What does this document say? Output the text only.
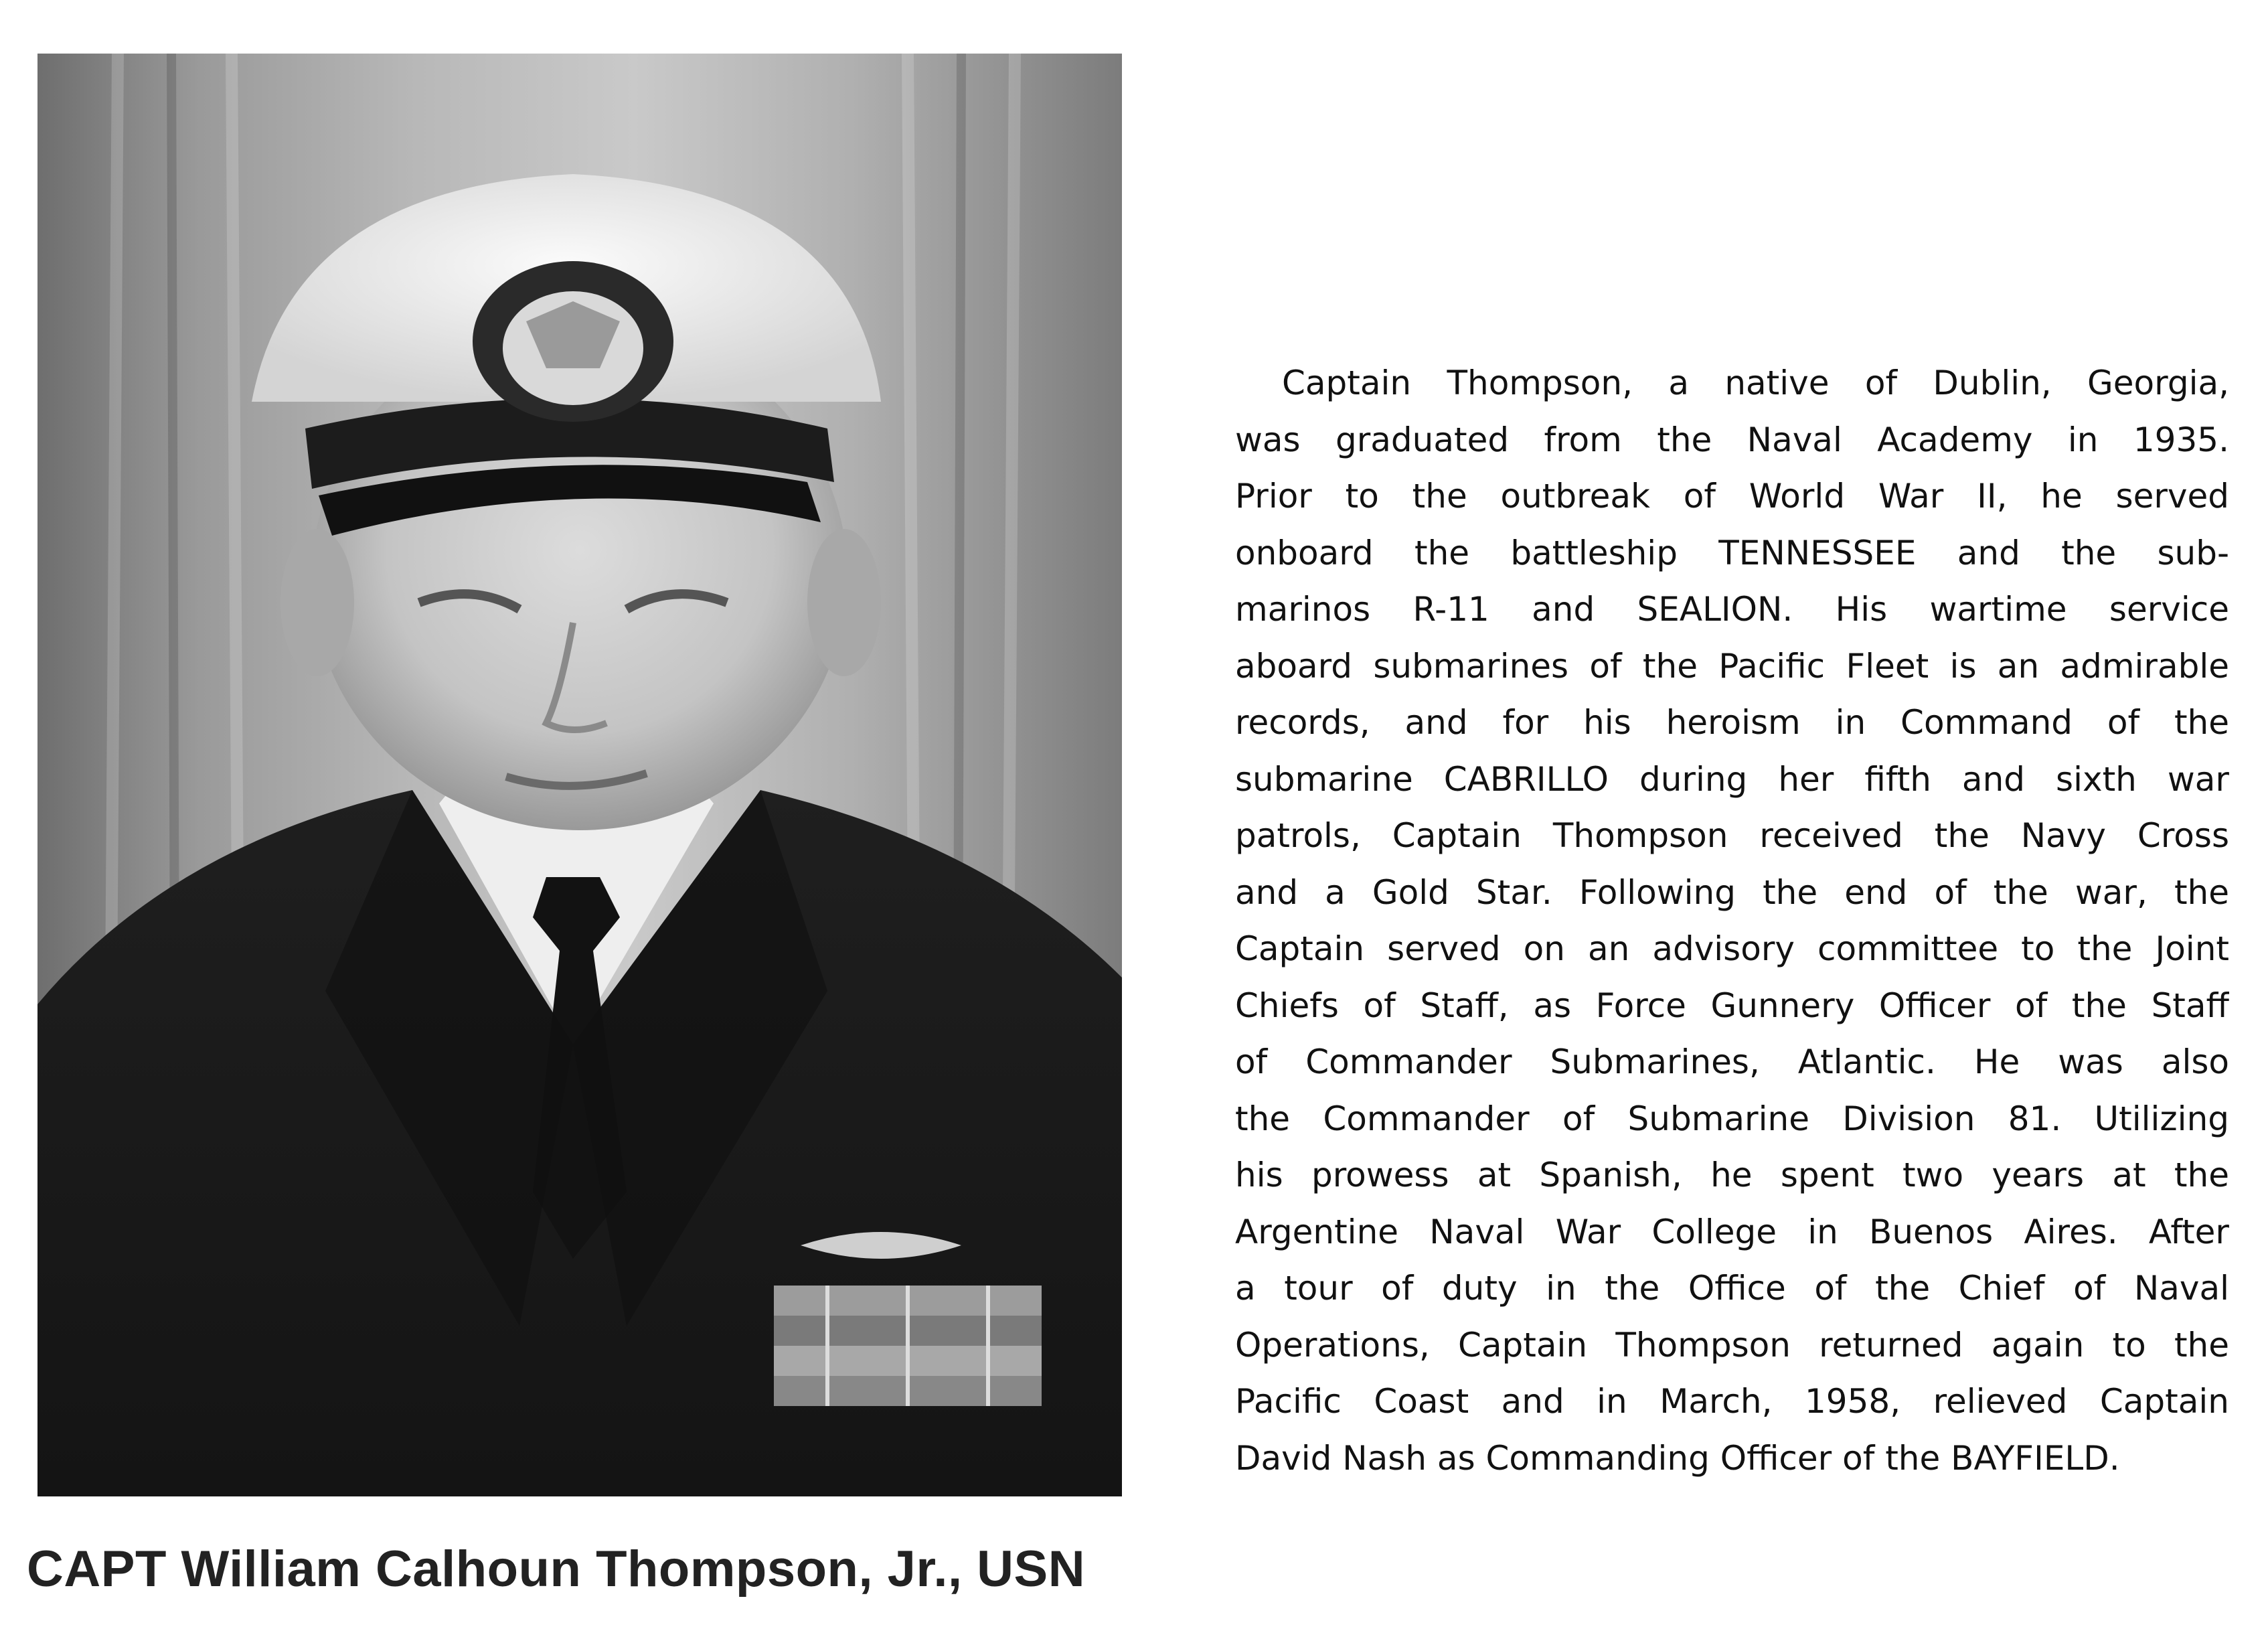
CAPT William Calhoun Thompson, Jr., USN
Captain Thompson, a native of Dublin, Georgia,
was graduated from the Naval Academy in 1935.
Prior to the outbreak of World War II, he served
onboard the battleship TENNESSEE and the sub-
marinos R-11 and SEALION. His wartime service
aboard submarines of the Pacific Fleet is an admirable
records, and for his heroism in Command of the
submarine CABRILLO during her fifth and sixth war
patrols, Captain Thompson received the Navy Cross
and a Gold Star. Following the end of the war, the
Captain served on an advisory committee to the Joint
Chiefs of Staff, as Force Gunnery Officer of the Staff
of Commander Submarines, Atlantic. He was also
the Commander of Submarine Division 81. Utilizing
his prowess at Spanish, he spent two years at the
Argentine Naval War College in Buenos Aires. After
a tour of duty in the Office of the Chief of Naval
Operations, Captain Thompson returned again to the
Pacific Coast and in March, 1958, relieved Captain
David Nash as Commanding Officer of the BAYFIELD.
